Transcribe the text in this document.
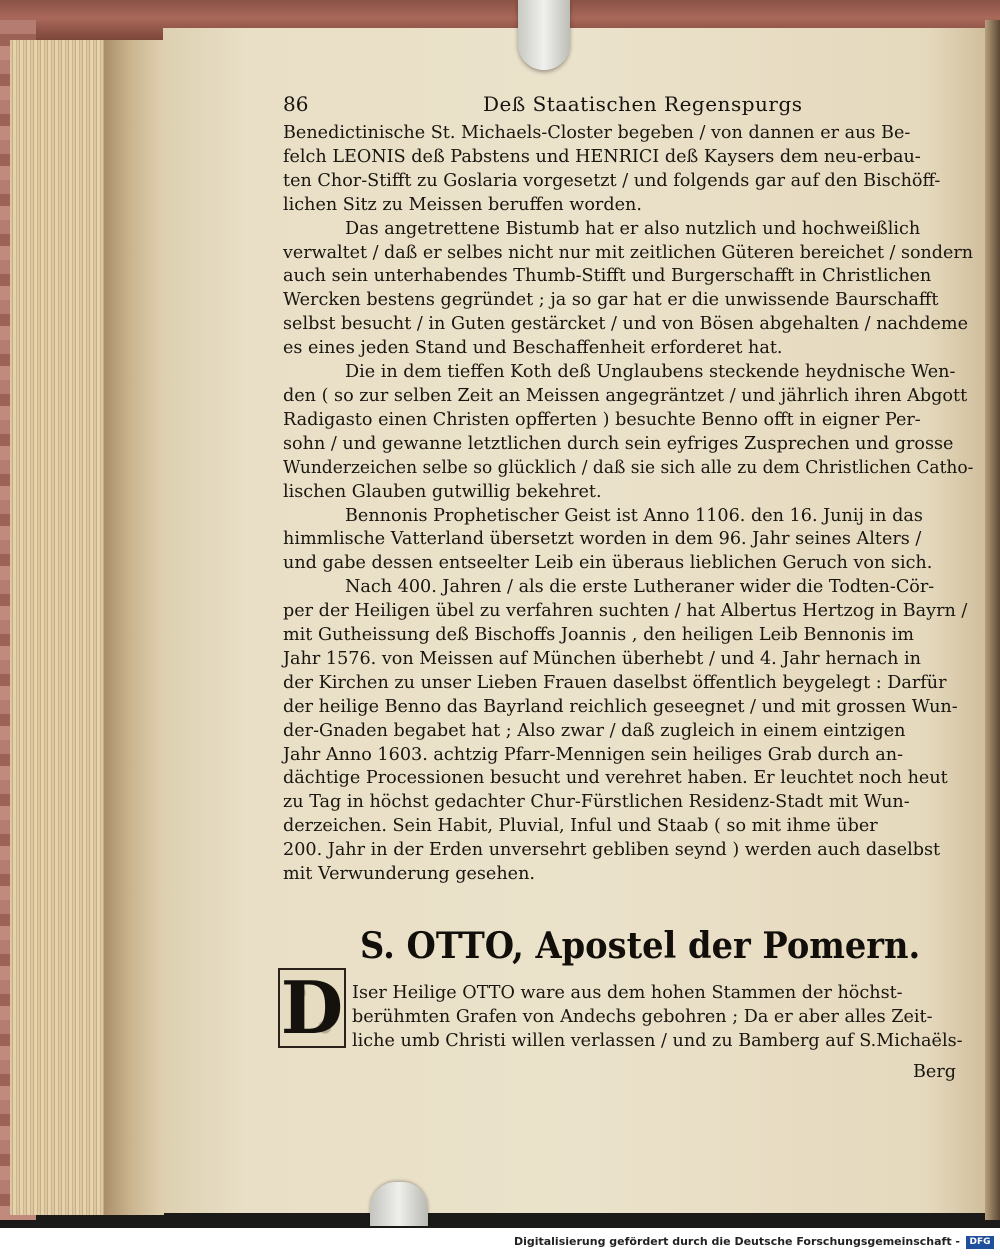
86	Deß Staatischen Regenspurgs
Benedictinische St. Michaels-Closter begeben / von dannen er aus Be-
felch LEONIS deß Pabstens und HENRICI deß Kaysers dem neu-erbau-
ten Chor-Stifft zu Goslaria vorgesetzt / und folgends gar auf den Bischöff-
lichen Sitz zu Meissen beruffen worden.
Das angetrettene Bistumb hat er also nutzlich und hochweißlich
verwaltet / daß er selbes nicht nur mit zeitlichen Güteren bereichet / sondern
auch sein unterhabendes Thumb-Stifft und Burgerschafft in Christlichen
Wercken bestens gegründet ; ja so gar hat er die unwissende Baurschafft
selbst besucht / in Guten gestärcket / und von Bösen abgehalten / nachdeme
es eines jeden Stand und Beschaffenheit erforderet hat.
Die in dem tieffen Koth deß Unglaubens steckende heydnische Wen-
den ( so zur selben Zeit an Meissen angegräntzet / und jährlich ihren Abgott
Radigasto einen Christen opfferten ) besuchte Benno offt in eigner Per-
sohn / und gewanne letztlichen durch sein eyfriges Zusprechen und grosse
Wunderzeichen selbe so glücklich / daß sie sich alle zu dem Christlichen Catho-
lischen Glauben gutwillig bekehret.
Bennonis Prophetischer Geist ist Anno 1106. den 16. Junij in das
himmlische Vatterland übersetzt worden in dem 96. Jahr seines Alters /
und gabe dessen entseelter Leib ein überaus lieblichen Geruch von sich.
Nach 400. Jahren / als die erste Lutheraner wider die Todten-Cör-
per der Heiligen übel zu verfahren suchten / hat Albertus Hertzog in Bayrn /
mit Gutheissung deß Bischoffs Joannis , den heiligen Leib Bennonis im
Jahr 1576. von Meissen auf München überhebt / und 4. Jahr hernach in
der Kirchen zu unser Lieben Frauen daselbst öffentlich beygelegt : Darfür
der heilige Benno das Bayrland reichlich geseegnet / und mit grossen Wun-
der-Gnaden begabet hat ; Also zwar / daß zugleich in einem eintzigen
Jahr Anno 1603. achtzig Pfarr-Mennigen sein heiliges Grab durch an-
dächtige Processionen besucht und verehret haben. Er leuchtet noch heut
zu Tag in höchst gedachter Chur-Fürstlichen Residenz-Stadt mit Wun-
derzeichen. Sein Habit, Pluvial, Inful und Staab ( so mit ihme über
200. Jahr in der Erden unversehrt gebliben seynd ) werden auch daselbst
mit Verwunderung gesehen.
S. OTTO, Apostel der Pomern.
D Iser Heilige OTTO ware aus dem hohen Stammen der höchst-
berühmten Grafen von Andechs gebohren ; Da er aber alles Zeit-
liche umb Christi willen verlassen / und zu Bamberg auf S.Michaëls-
Berg
Digitalisierung gefördert durch die Deutsche Forschungsgemeinschaft -	DFG
